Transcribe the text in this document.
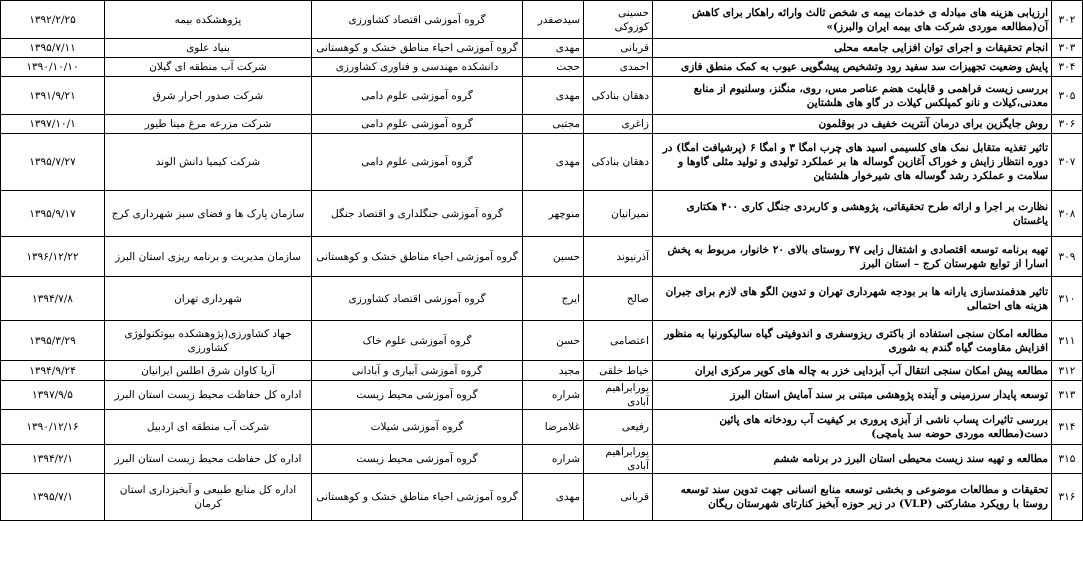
۳۰۲	ارزیابی هزینه های مبادله ی خدمات بیمه ی شخص ثالث وارائه راهکار برای کاهش آن(مطالعه موردی شرکت های بیمه ایران والبرز)»	حسینی کوزوکی	سیدصفدر	گروه آموزشی اقتصاد کشاورزی	پژوهشکده بیمه	۱۳۹۲/۲/۲۵
۳۰۳	انجام تحقیقات و اجرای توان افزایی جامعه محلی	قربانی	مهدی	گروه آموزشی احیاء مناطق خشک و کوهستانی	بنیاد علوی	۱۳۹۵/۷/۱۱
۳۰۴	پایش وضعیت تجهیزات سد سفید رود وتشخیص پیشگویی عیوب به کمک منطق فازی	احمدی	حجت	دانشکده مهندسی و فناوری کشاورزی	شرکت آب منطقه ای گیلان	۱۳۹۰/۱۰/۱۰
۳۰۵	بررسی زیست فراهمی و قابلیت هضم عناصر مس، روی، منگنز، وسلنیوم از منابع معدنی،کیلات و نانو کمپلکس کیلات در گاو های هلشتاین	دهقان بنادکی	مهدی	گروه آموزشی علوم دامی	شرکت صدور احرار شرق	۱۳۹۱/۹/۲۱
۳۰۶	روش جایگزین برای درمان آنتریت خفیف در بوقلمون	زاغری	مجتبی	گروه آموزشی علوم دامی	شرکت مزرعه مرغ مینا طیور	۱۳۹۷/۱۰/۱
۳۰۷	تاثیر تغذیه متقابل نمک های کلسیمی اسید های چرب امگا ۳ و امگا ۶ (پرشیافت امگا) در دوره انتظار زایش و خوراک آغازین گوساله ها بر عملکرد تولیدی و تولید مثلی گاوها و سلامت و عملکرد رشد گوساله های شیرخوار هلشتاین	دهقان بنادکی	مهدی	گروه آموزشی علوم دامی	شرکت کیمیا دانش الوند	۱۳۹۵/۷/۲۷
۳۰۸	نظارت بر اجرا و ارائه طرح تحقیقاتی، پژوهشی و کاربردی جنگل کاری ۴۰۰ هکتاری یاغستان	نمیرانیان	منوچهر	گروه آموزشی جنگلداری و اقتصاد جنگل	سازمان پارک ها و فضای سبز شهرداری کرج	۱۳۹۵/۹/۱۷
۳۰۹	تهیه برنامه توسعه اقتصادی و اشتغال زایی ۴۷ روستای بالای ۲۰ خانوار، مربوط به پخش اسارا از توابع شهرستان کرج – استان البرز	آذرنیوند	حسین	گروه آموزشی احیاء مناطق خشک و کوهستانی	سازمان مدیریت و برنامه ریزی استان البرز	۱۳۹۶/۱۲/۲۲
۳۱۰	تاثیر هدفمندسازی یارانه ها بر بودجه شهرداری تهران و تدوین الگو های لازم برای جبران هزینه های احتمالی	صالح	ایرج	گروه آموزشی اقتصاد کشاورزی	شهرداری تهران	۱۳۹۴/۷/۸
۳۱۱	مطالعه امکان سنجی استفاده از باکتری ریزوسفری و اندوفیتی گیاه سالیکورنیا به منظور افزایش مقاومت گیاه گندم به شوری	اعتصامی	حسن	گروه آموزشی علوم خاک	جهاد کشاورزی(پژوهشکده بیوتکنولوژی کشاورزی	۱۳۹۵/۳/۲۹
۳۱۲	مطالعه پیش امکان سنجی انتقال آب آبزدایی خزر به چاله های کویر مرکزی ایران	خیاط خلقی	مجید	گروه آموزشی آبیاری و آبادانی	آریا کاوان شرق اطلس ایرانیان	۱۳۹۴/۹/۲۴
۳۱۳	توسعه پایدار سرزمینی و آینده پژوهشی مبتنی بر سند آمایش استان البرز	پورابراهیم آبادی	شراره	گروه آموزشی محیط زیست	اداره کل حفاظت محیط زیست استان البرز	۱۳۹۷/۹/۵
۳۱۴	بررسی تاثیرات پساب ناشی از آبزی پروری بر کیفیت آب رودخانه های پائین دست(مطالعه موردی حوضه سد یامچی)	رفیعی	غلامرضا	گروه آموزشی شیلات	شرکت آب منطقه ای اردبیل	۱۳۹۰/۱۲/۱۶
۳۱۵	مطالعه و تهیه سند زیست محیطی استان البرز در برنامه ششم	پورابراهیم آبادی	شراره	گروه آموزشی محیط زیست	اداره کل حفاظت محیط زیست استان البرز	۱۳۹۴/۲/۱
۳۱۶	تحقیقات و مطالعات موضوعی و بخشی توسعه منابع انسانی جهت تدوین سند توسعه روستا با رویکرد مشارکتی (VLP) در زیر حوزه آبخیز کنارتای شهرستان ریگان	قربانی	مهدی	گروه آموزشی احیاء مناطق خشک و کوهستانی	اداره کل منابع طبیعی و آبخیزداری استان کرمان	۱۳۹۵/۷/۱
